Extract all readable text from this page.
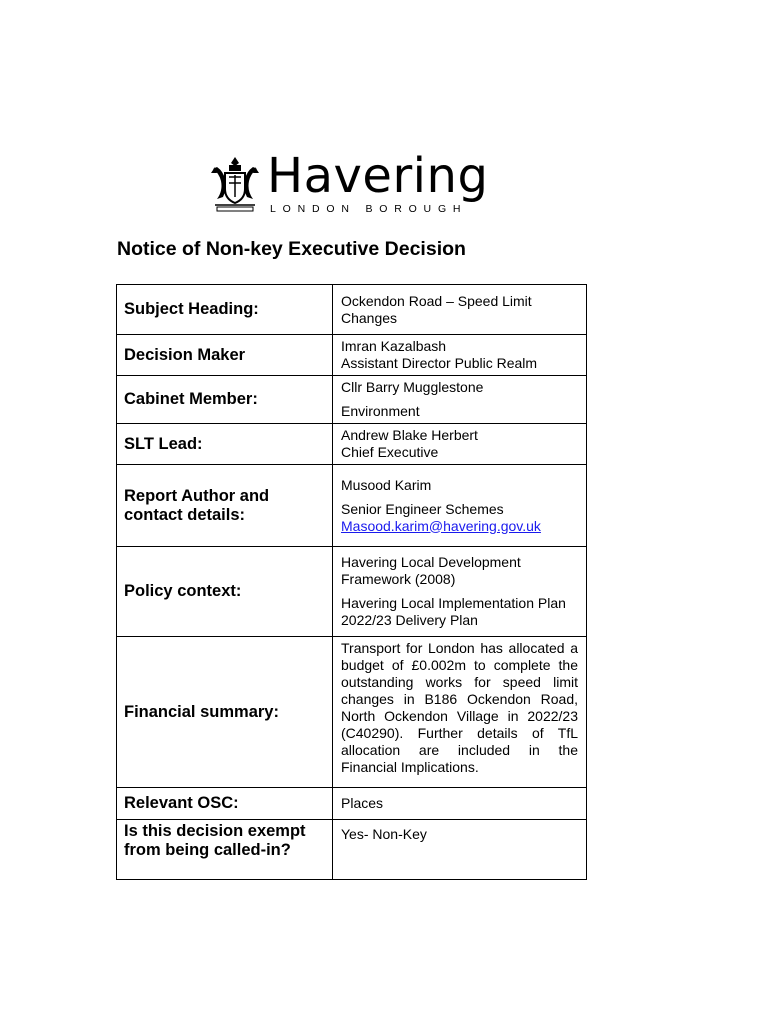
Havering
LONDON BOROUGH
Notice of Non-key Executive Decision
Subject Heading:	Ockendon Road – Speed Limit

Changes

Decision Maker	Imran Kazalbash

Assistant Director Public Realm

Cabinet Member:	Cllr Barry Mugglestone

Environment

SLT Lead:	Andrew Blake Herbert

Chief Executive

Report Author and contact details:	Musood Karim

Senior Engineer Schemes

Masood.karim@havering.gov.uk

Policy context:	Havering Local Development Framework (2008)

Havering Local Implementation Plan 2022/23 Delivery Plan

Financial summary:	Transport for London has allocated a budget of £0.002m to complete the outstanding works for speed limit changes in B186 Ockendon Road, North Ockendon Village in 2022/23 (C40290). Further details of TfL allocation are included in the Financial Implications.

Relevant OSC:	Places
Is this decision exempt from being called-in?	Yes- Non-Key
